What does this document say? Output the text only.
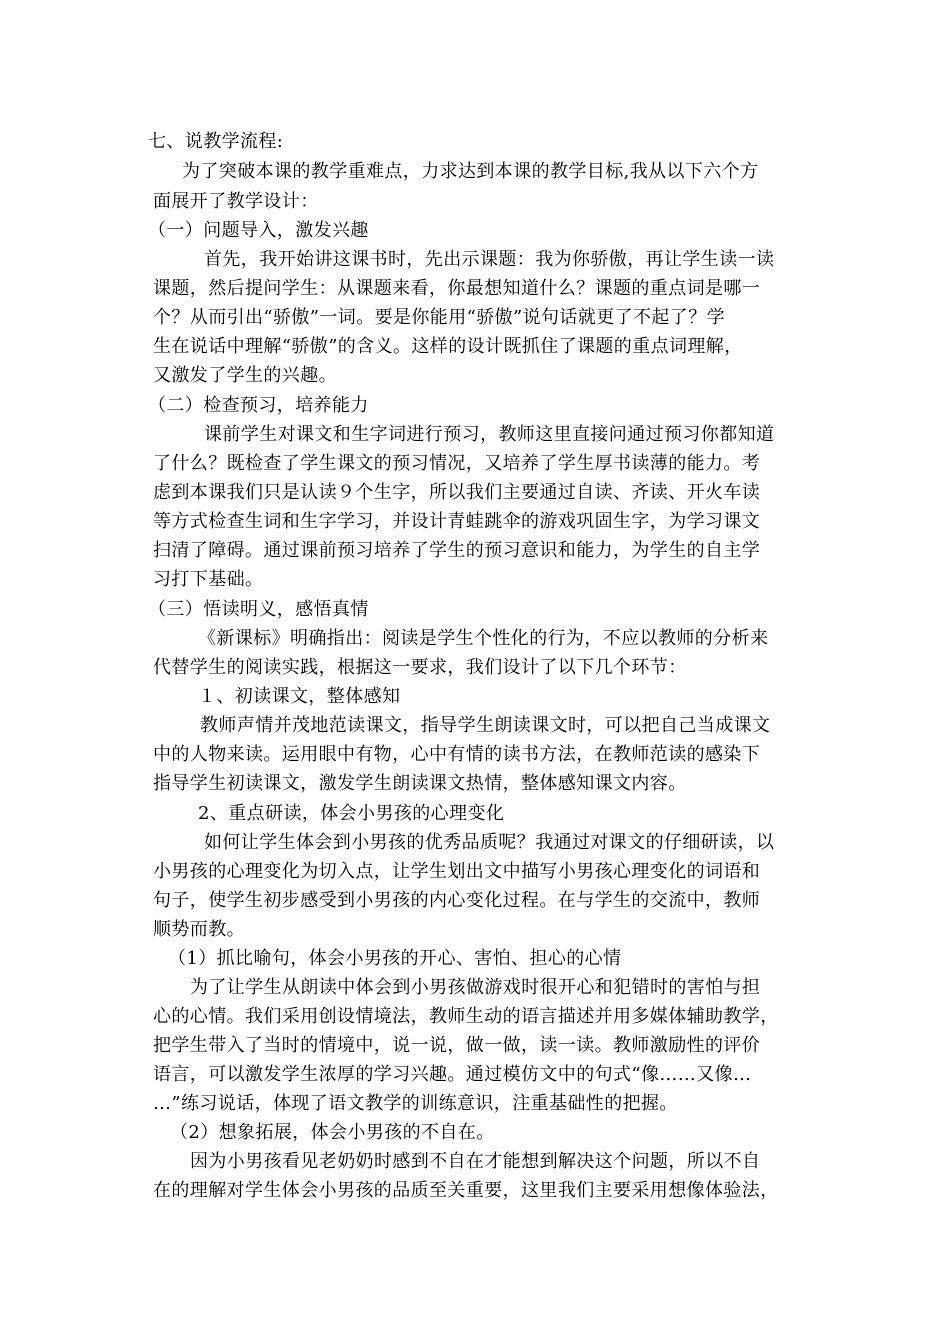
七、说教学流程:

为了突破本课的教学重难点，力求达到本课的教学目标,我从以下六个方

面展开了教学设计：

（一）问题导入，激发兴趣

首先，我开始讲这课书时，先出示课题：我为你骄傲，再让学生读一读

课题，然后提问学生：从课题来看，你最想知道什么？课题的重点词是哪一

个？从而引出“骄傲”一词。要是你能用“骄傲”说句话就更了不起了？学

生在说话中理解“骄傲”的含义。这样的设计既抓住了课题的重点词理解，

又激发了学生的兴趣。

（二）检查预习，培养能力

课前学生对课文和生字词进行预习，教师这里直接问通过预习你都知道

了什么？既检查了学生课文的预习情况，又培养了学生厚书读薄的能力。考

虑到本课我们只是认读９个生字，所以我们主要通过自读、齐读、开火车读

等方式检查生词和生字学习，并设计青蛙跳伞的游戏巩固生字，为学习课文

扫清了障碍。通过课前预习培养了学生的预习意识和能力，为学生的自主学

习打下基础。

（三）悟读明义，感悟真情

《新课标》明确指出：阅读是学生个性化的行为，不应以教师的分析来

代替学生的阅读实践，根据这一要求，我们设计了以下几个环节：

１、初读课文，整体感知

教师声情并茂地范读课文，指导学生朗读课文时，可以把自己当成课文

中的人物来读。运用眼中有物，心中有情的读书方法，在教师范读的感染下

指导学生初读课文，激发学生朗读课文热情，整体感知课文内容。

2、重点研读，体会小男孩的心理变化

如何让学生体会到小男孩的优秀品质呢？我通过对课文的仔细研读，以

小男孩的心理变化为切入点，让学生划出文中描写小男孩心理变化的词语和

句子，使学生初步感受到小男孩的内心变化过程。在与学生的交流中，教师

顺势而教。

（1）抓比喻句，体会小男孩的开心、害怕、担心的心情

为了让学生从朗读中体会到小男孩做游戏时很开心和犯错时的害怕与担

心的心情。我们采用创设情境法，教师生动的语言描述并用多媒体辅助教学，

把学生带入了当时的情境中，说一说，做一做，读一读。教师激励性的评价

语言，可以激发学生浓厚的学习兴趣。通过模仿文中的句式“像……又像…

…”练习说话，体现了语文教学的训练意识，注重基础性的把握。

（2）想象拓展，体会小男孩的不自在。

因为小男孩看见老奶奶时感到不自在才能想到解决这个问题，所以不自

在的理解对学生体会小男孩的品质至关重要，这里我们主要采用想像体验法，
